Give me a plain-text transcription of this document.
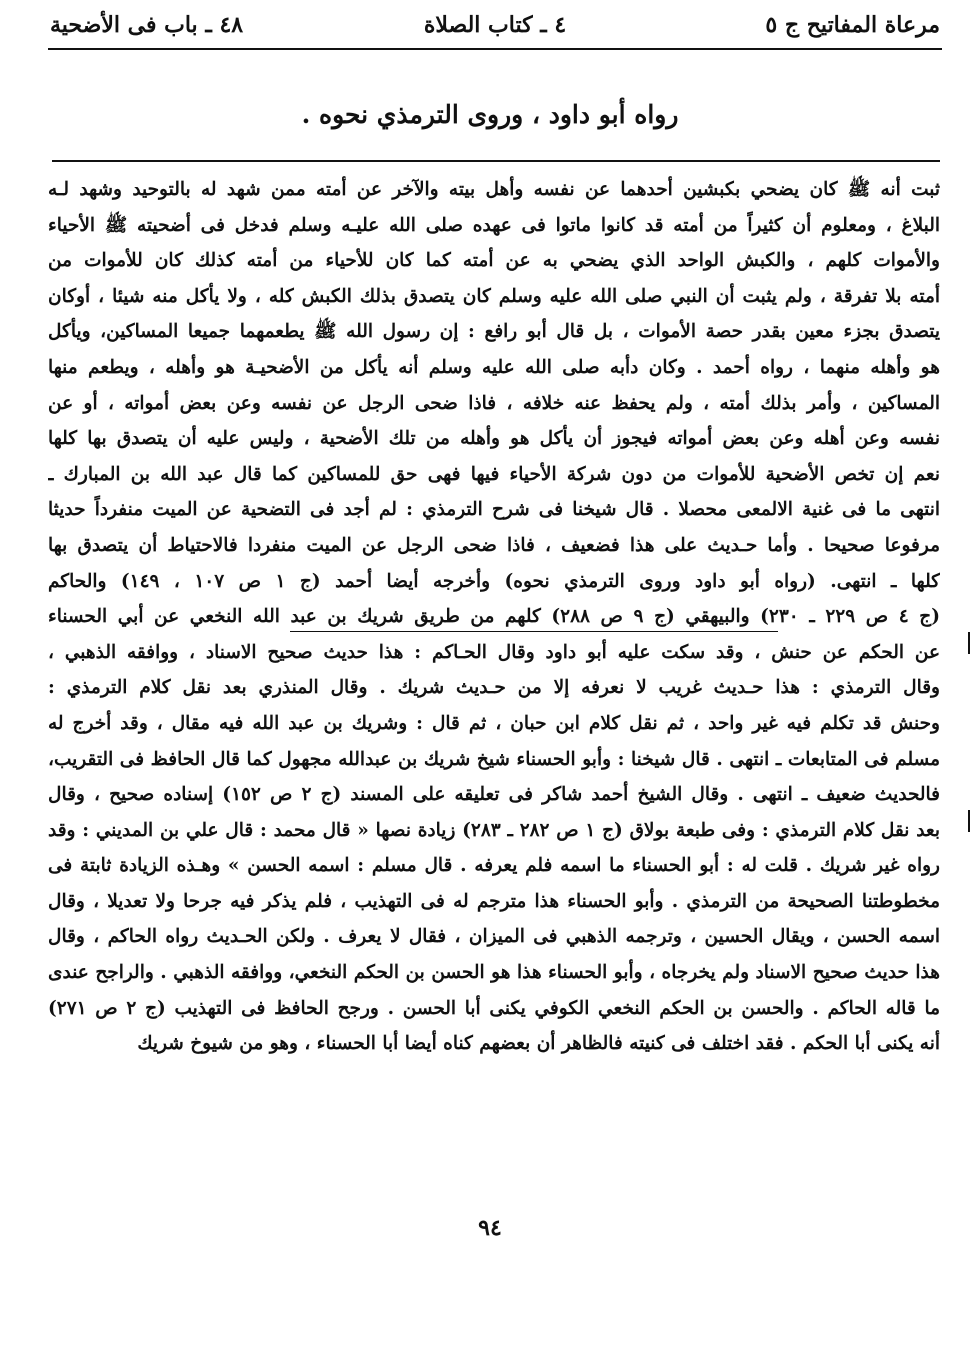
مرعاة المفاتيح ج ٥
٤ ـ كتاب الصلاة
٤٨ ـ باب فى الأضحية
رواه أبو داود ، وروى الترمذي نحوه .
ثبت أنه ﷺ كان يضحي بكبشين أحدهما عن نفسه وأهل بيته والآخر عن أمته ممن شهد له بالتوحيد وشهد لـه
البلاغ ، ومعلوم أن كثيراً من أمته قد كانوا ماتوا فى عهده صلى الله عليـه وسلم فدخل فى أضحيته ﷺ الأحياء
والأموات كلهم ، والكبش الواحد الذي يضحي به عن أمته كما كان للأحياء من أمته كذلك كان للأموات من
أمته بلا تفرقة ، ولم يثبت أن النبي صلى الله عليه وسلم كان يتصدق بذلك الكبش كله ، ولا يأكل منه شيئا ، أوكان
يتصدق بجزء معين بقدر حصة الأموات ، بل قال أبو رافع : إن رسول الله ﷺ يطعمهما جميعا المساكين، ويأكل
هو وأهله منهما ، رواه أحمد . وكان دأبه صلى الله عليه وسلم أنه يأكل من الأضحيـة هو وأهله ، ويطعم منها
المساكين ، وأمر بذلك أمته ، ولم يحفظ عنه خلافه ، فاذا ضحى الرجل عن نفسه وعن بعض أمواته ، أو عن
نفسه وعن أهله وعن بعض أمواته فيجوز أن يأكل هو وأهله من تلك الأضحية ، وليس عليه أن يتصدق بها كلها
نعم إن تخص الأضحية للأموات من دون شركة الأحياء فيها فهى حق للمساكين كما قال عبد الله بن المبارك ـ
انتهى ما فى غنية الالمعى محصلا . قال شيخنا فى شرح الترمذي : لم أجد فى التضحية عن الميت منفرداً حديثا
مرفوعا صحيحا . وأما حـديث على هذا فضعيف ، فاذا ضحى الرجل عن الميت منفردا فالاحتياط أن يتصدق بها
كلها ـ انتهى. (رواه أبو داود وروى الترمذي نحوه) وأخرجه أيضا أحمد (ج ١ ص ١٠٧ ، ١٤٩) والحاكم
(ج ٤ ص ٢٢٩ ـ ٢٣٠) والبيهقي (ج ٩ ص ٢٨٨) كلهم من طريق شريك بن عبد الله النخعي عن أبي الحسناء
عن الحكم عن حنش ، وقد سكت عليه أبو داود وقال الحـاكم : هذا حديث صحيح الاسناد ، ووافقه الذهبي ،
وقال الترمذي : هذا حـديث غريب لا نعرفه إلا من حـديث شريك . وقال المنذري بعد نقل كلام الترمذي :
وحنش قد تكلم فيه غير واحد ، ثم نقل كلام ابن حبان ، ثم قال : وشريك بن عبد الله فيه مقال ، وقد أخرج له
مسلم فى المتابعات ـ انتهى . قال شيخنا : وأبو الحسناء شيخ شريك بن عبدالله مجهول كما قال الحافظ فى التقريب،
فالحديث ضعيف ـ انتهى . وقال الشيخ أحمد شاكر فى تعليقه على المسند (ج ٢ ص ١٥٢) إسناده صحيح ، وقال
بعد نقل كلام الترمذي : وفى طبعة بولاق (ج ١ ص ٢٨٢ ـ ٢٨٣) زيادة نصها « قال محمد : قال علي بن المديني : وقد
رواه غير شريك . قلت له : أبو الحسناء ما اسمه فلم يعرفه . قال مسلم : اسمه الحسن » وهـذه الزيادة ثابتة فى
مخطوطتنا الصحيحة من الترمذي . وأبو الحسناء هذا مترجم له فى التهذيب ، فلم يذكر فيه جرحا ولا تعديلا ، وقال
اسمه الحسن ، ويقال الحسين ، وترجمه الذهبي فى الميزان ، فقال لا يعرف . ولكن الحـديث رواه الحاكم ، وقال
هذا حديث صحيح الاسناد ولم يخرجاه ، وأبو الحسناء هذا هو الحسن بن الحكم النخعي، ووافقه الذهبي . والراجح عندى
ما قاله الحاكم . والحسن بن الحكم النخعي الكوفي يكنى أبا الحسن . ورجح الحافظ فى التهذيب (ج ٢ ص ٢٧١)
أنه يكنى أبا الحكم . فقد اختلف فى كنيته فالظاهر أن بعضهم كناه أيضا أبا الحسناء ، وهو من شيوخ شريك
٩٤
